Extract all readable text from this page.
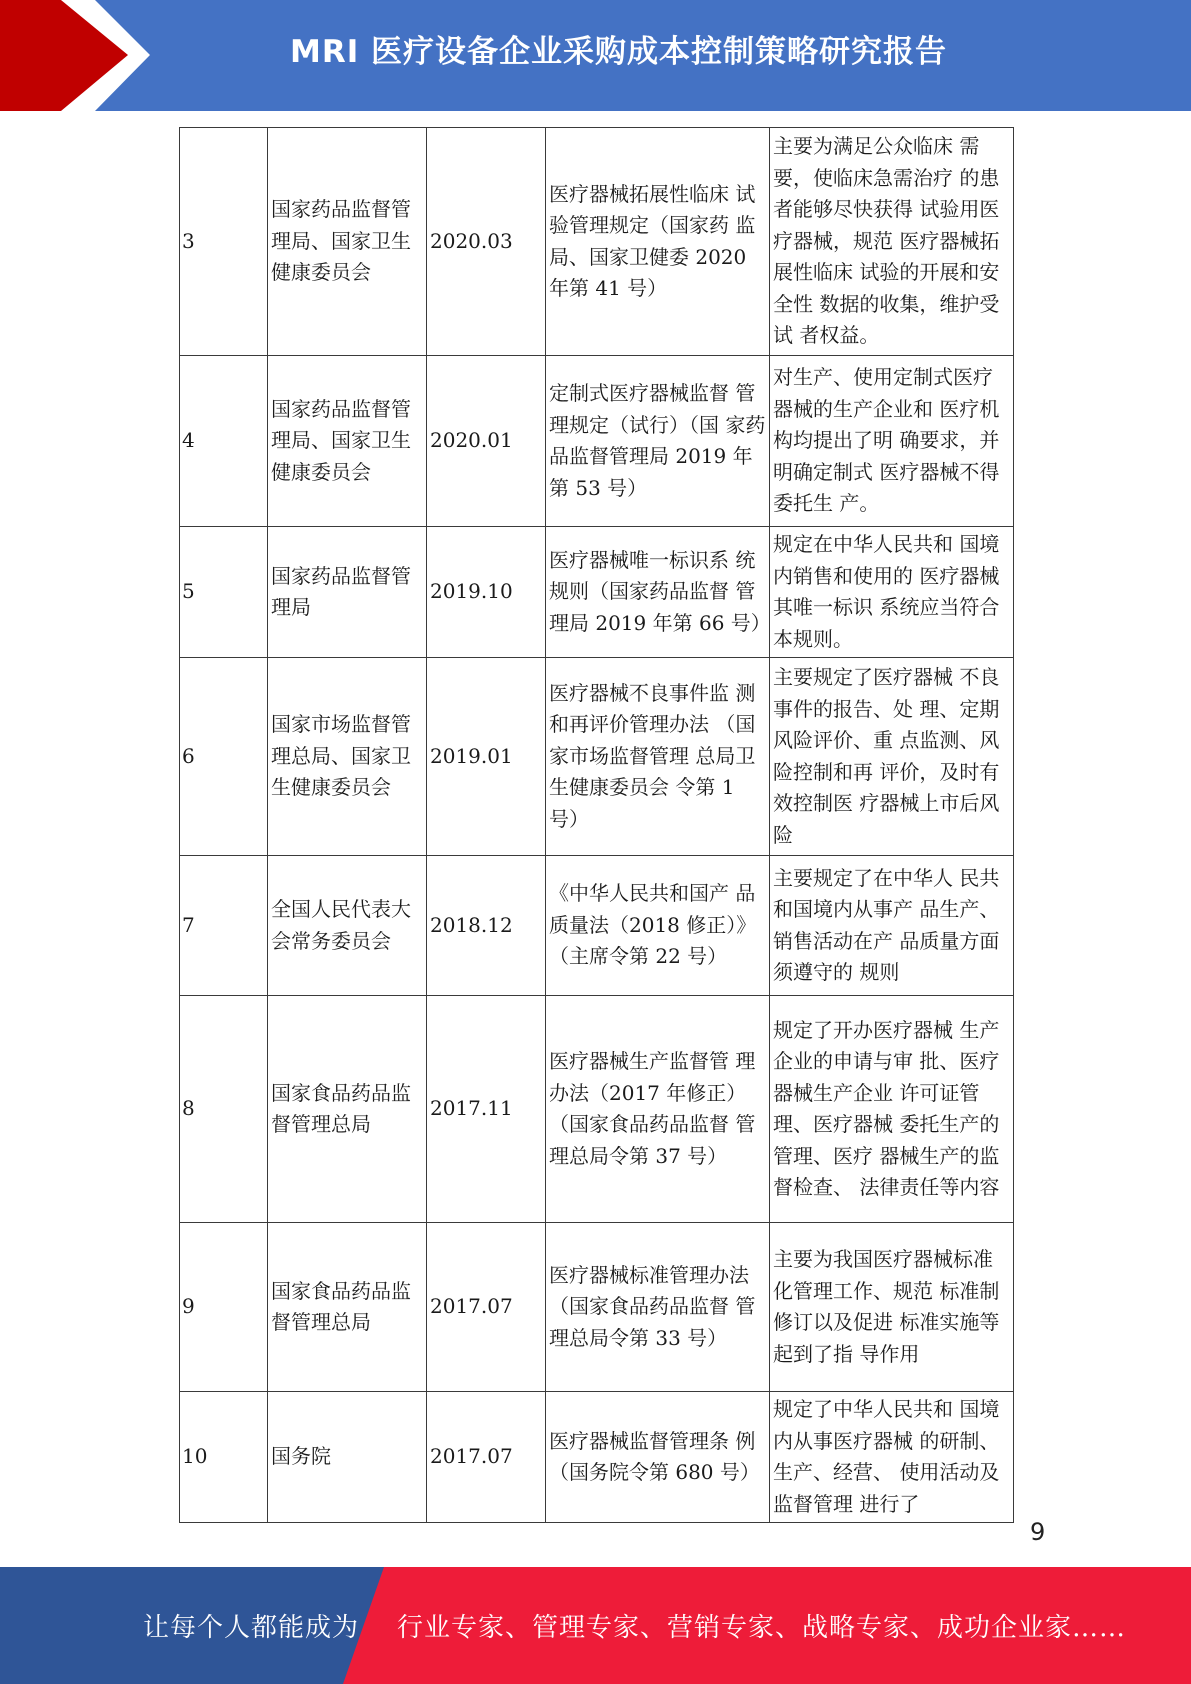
MRI 医疗设备企业采购成本控制策略研究报告
3	国家药品监督管理局、国家卫生健康委员会	2020.03	医疗器械拓展性临床 试验管理规定（国家药 监局、国家卫健委 2020 年第 41 号）	主要为满足公众临床 需要，使临床急需治疗 的患者能够尽快获得 试验用医疗器械，规范 医疗器械拓展性临床 试验的开展和安全性 数据的收集，维护受试 者权益。
4	国家药品监督管理局、国家卫生健康委员会	2020.01	定制式医疗器械监督 管理规定（试行）（国 家药品监督管理局 2019 年第 53 号）	对生产、使用定制式医疗器械的生产企业和 医疗机构均提出了明 确要求，并明确定制式 医疗器械不得委托生 产。
5	国家药品监督管理局	2019.10	医疗器械唯一标识系 统规则（国家药品监督 管理局 2019 年第 66 号）	规定在中华人民共和 国境内销售和使用的 医疗器械其唯一标识 系统应当符合本规则。
6	国家市场监督管理总局、国家卫生健康委员会	2019.01	医疗器械不良事件监 测和再评价管理办法 （国家市场监督管理 总局卫生健康委员会 令第 1 号）	主要规定了医疗器械 不良事件的报告、处 理、定期风险评价、重 点监测、风险控制和再 评价，及时有效控制医 疗器械上市后风险
7	全国人民代表大会常务委员会	2018.12	《中华人民共和国产 品质量法（2018 修正）》（主席令第 22 号）	主要规定了在中华人 民共和国境内从事产 品生产、销售活动在产 品质量方面须遵守的 规则
8	国家食品药品监督管理总局	2017.11	医疗器械生产监督管 理办法（2017 年修正）（国家食品药品监督 管理总局令第 37 号）	规定了开办医疗器械 生产企业的申请与审 批、医疗器械生产企业 许可证管理、医疗器械 委托生产的管理、医疗 器械生产的监督检查、 法律责任等内容
9	国家食品药品监督管理总局	2017.07	医疗器械标准管理办法（国家食品药品监督 管理总局令第 33 号）	主要为我国医疗器械标准化管理工作、规范 标准制修订以及促进 标准实施等起到了指 导作用
10	国务院	2017.07	医疗器械监督管理条 例（国务院令第 680 号）	规定了中华人民共和 国境内从事医疗器械 的研制、生产、经营、 使用活动及监督管理 进行了
9
让每个人都能成为 行业专家、管理专家、营销专家、战略专家、成功企业家……
